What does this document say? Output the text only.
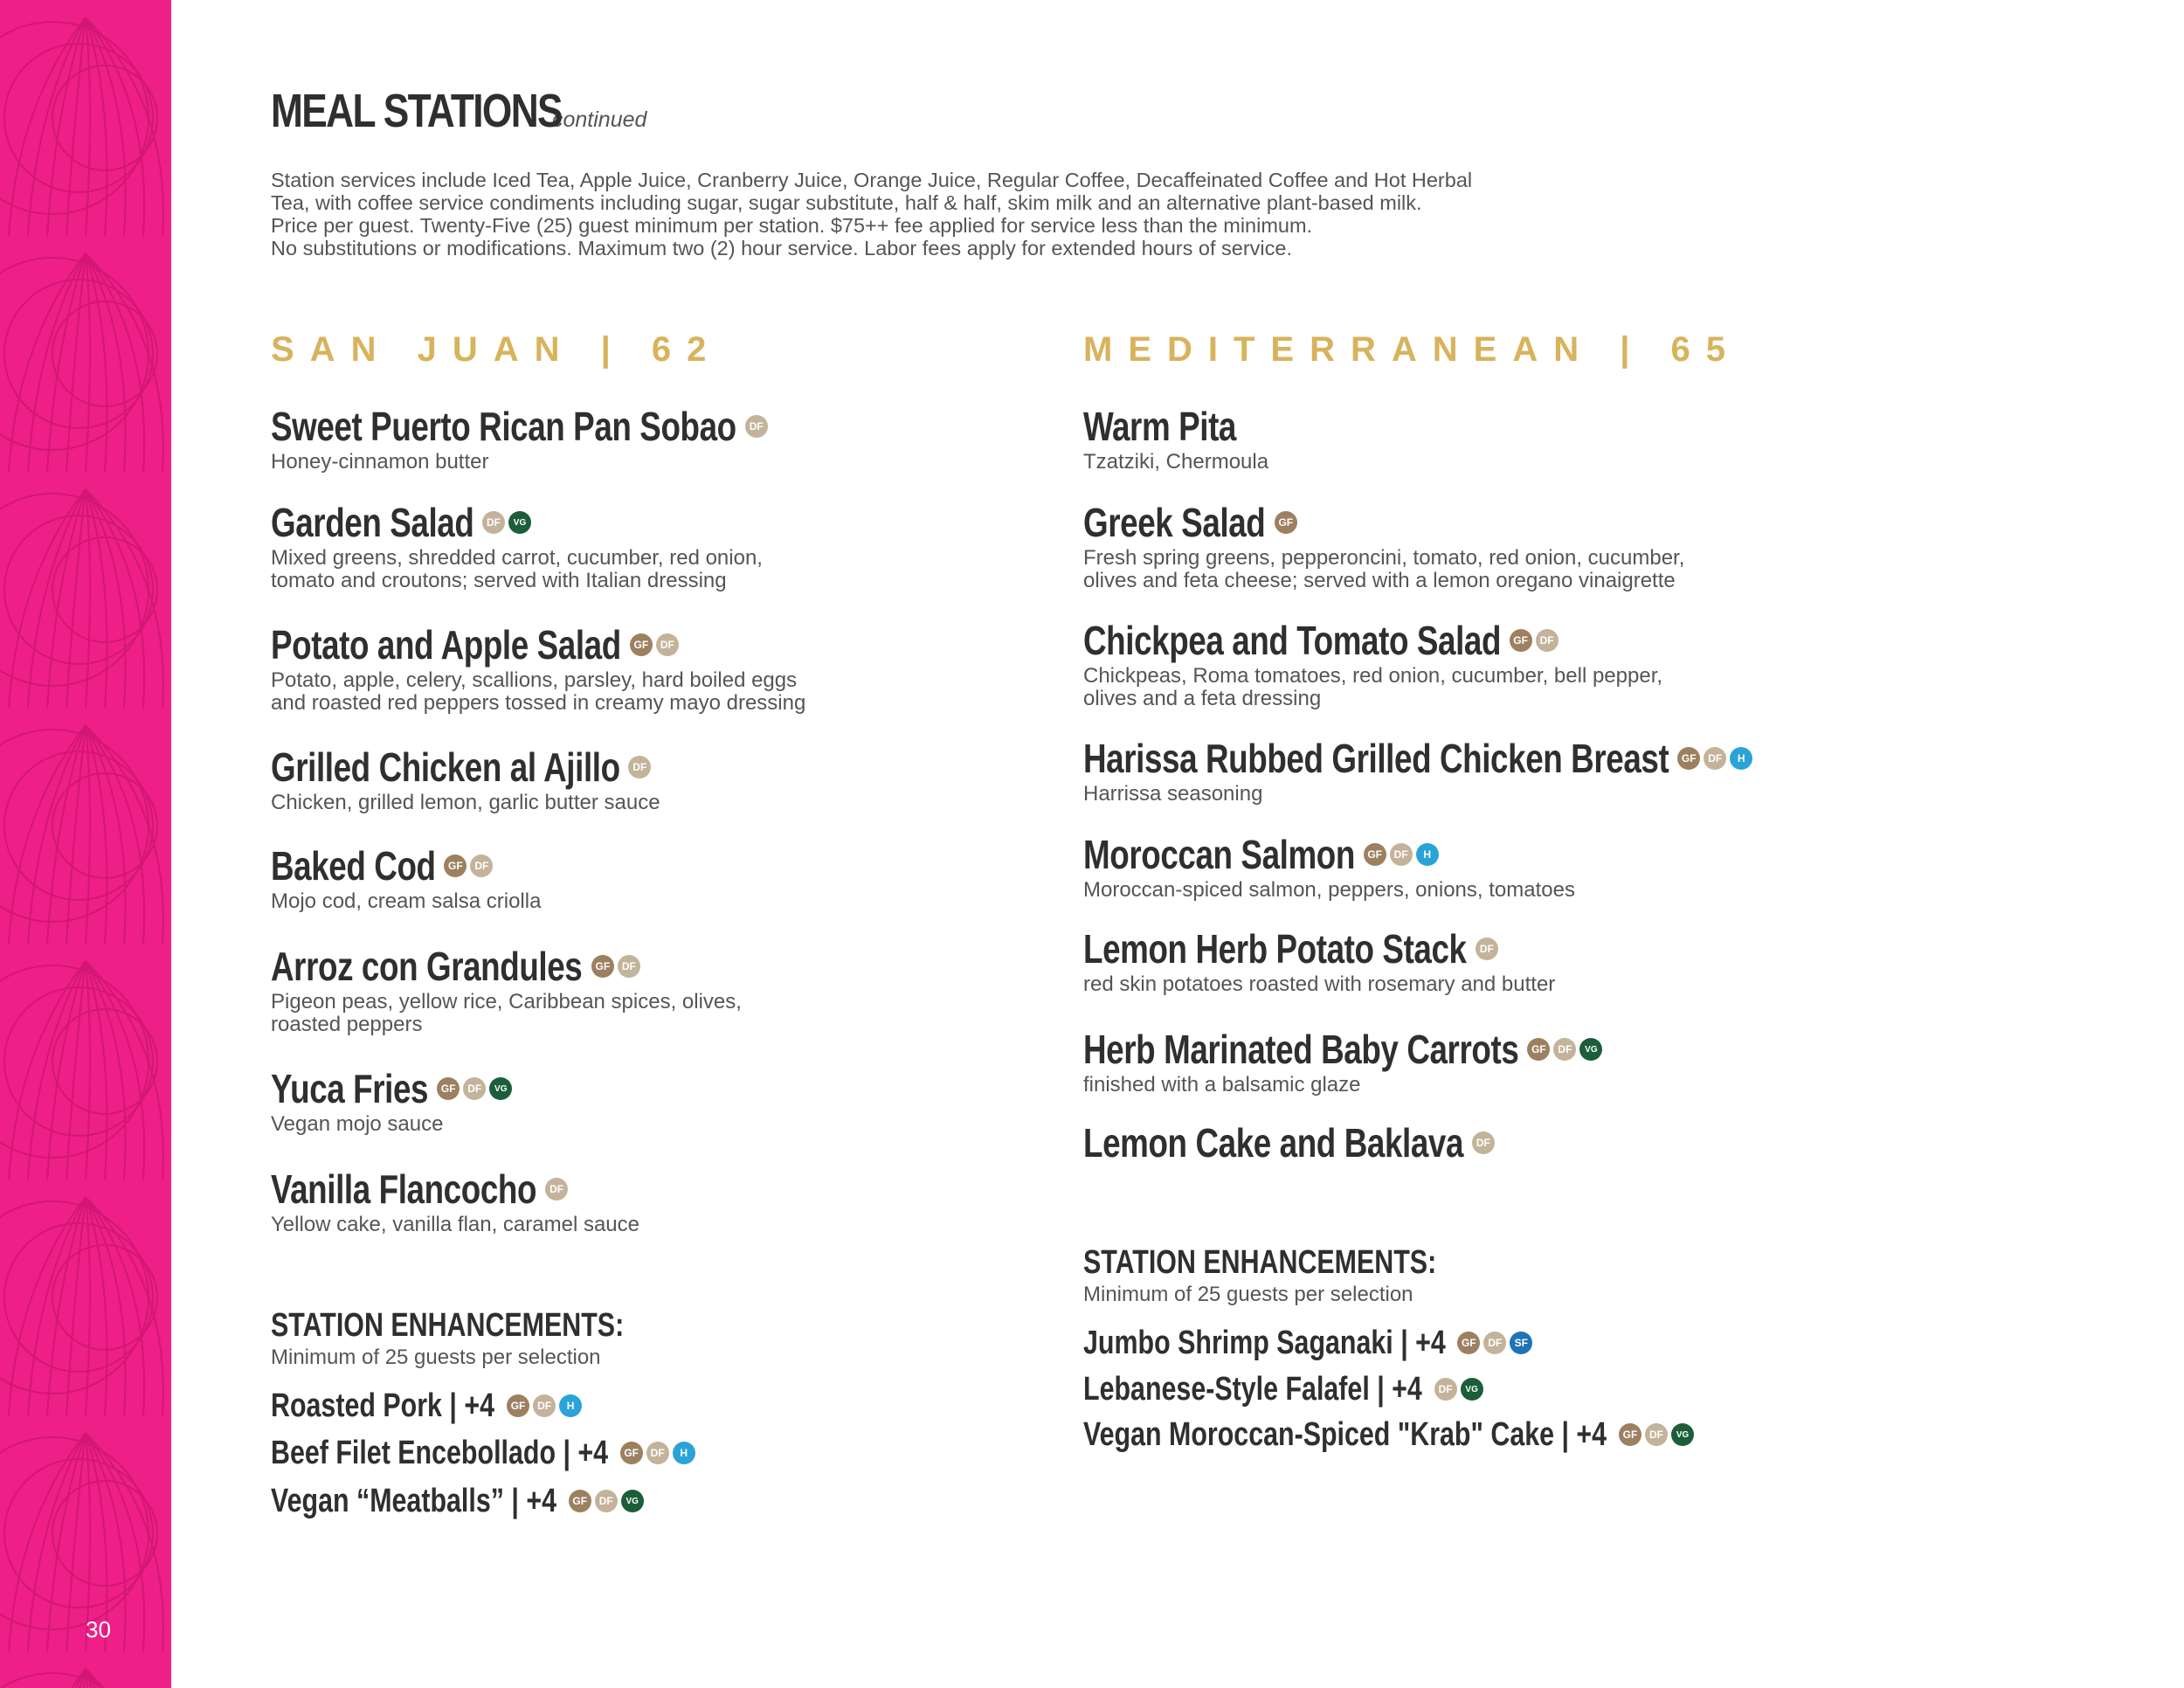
30
MEAL STATIONS
continued
Station services include Iced Tea, Apple Juice, Cranberry Juice, Orange Juice, Regular Coffee, Decaffeinated Coffee and Hot Herbal
Tea, with coffee service condiments including sugar, sugar substitute, half & half, skim milk and an alternative plant-based milk.
Price per guest. Twenty-Five (25) guest minimum per station. $75++ fee applied for service less than the minimum.
No substitutions or modifications. Maximum two (2) hour service. Labor fees apply for extended hours of service.
SAN JUAN | 62
Sweet Puerto Rican Pan Sobao	DF
Honey-cinnamon butter
Garden Salad	DF	VG
Mixed greens, shredded carrot, cucumber, red onion,
tomato and croutons; served with Italian dressing
Potato and Apple Salad	GF	DF
Potato, apple, celery, scallions, parsley, hard boiled eggs
and roasted red peppers tossed in creamy mayo dressing
Grilled Chicken al Ajillo	DF
Chicken, grilled lemon, garlic butter sauce
Baked Cod	GF	DF
Mojo cod, cream salsa criolla
Arroz con Grandules	GF	DF
Pigeon peas, yellow rice, Caribbean spices, olives,
roasted peppers
Yuca Fries	GF	DF	VG
Vegan mojo sauce
Vanilla Flancocho	DF
Yellow cake, vanilla flan, caramel sauce
STATION ENHANCEMENTS:
Minimum of 25 guests per selection
Roasted Pork | +4	GF	DF	H
Beef Filet Encebollado | +4	GF	DF	H
Vegan “Meatballs” | +4	GF	DF	VG
MEDITERRANEAN | 65
Warm Pita
Tzatziki, Chermoula
Greek Salad	GF
Fresh spring greens, pepperoncini, tomato, red onion, cucumber,
olives and feta cheese; served with a lemon oregano vinaigrette
Chickpea and Tomato Salad	GF	DF
Chickpeas, Roma tomatoes, red onion, cucumber, bell pepper,
olives and a feta dressing
Harissa Rubbed Grilled Chicken Breast	GF	DF	H
Harrissa seasoning
Moroccan Salmon	GF	DF	H
Moroccan-spiced salmon, peppers, onions, tomatoes
Lemon Herb Potato Stack	DF
red skin potatoes roasted with rosemary and butter
Herb Marinated Baby Carrots	GF	DF	VG
finished with a balsamic glaze
Lemon Cake and Baklava	DF
STATION ENHANCEMENTS:
Minimum of 25 guests per selection
Jumbo Shrimp Saganaki | +4	GF	DF	SF
Lebanese-Style Falafel | +4	DF	VG
Vegan Moroccan-Spiced "Krab" Cake | +4	GF	DF	VG
